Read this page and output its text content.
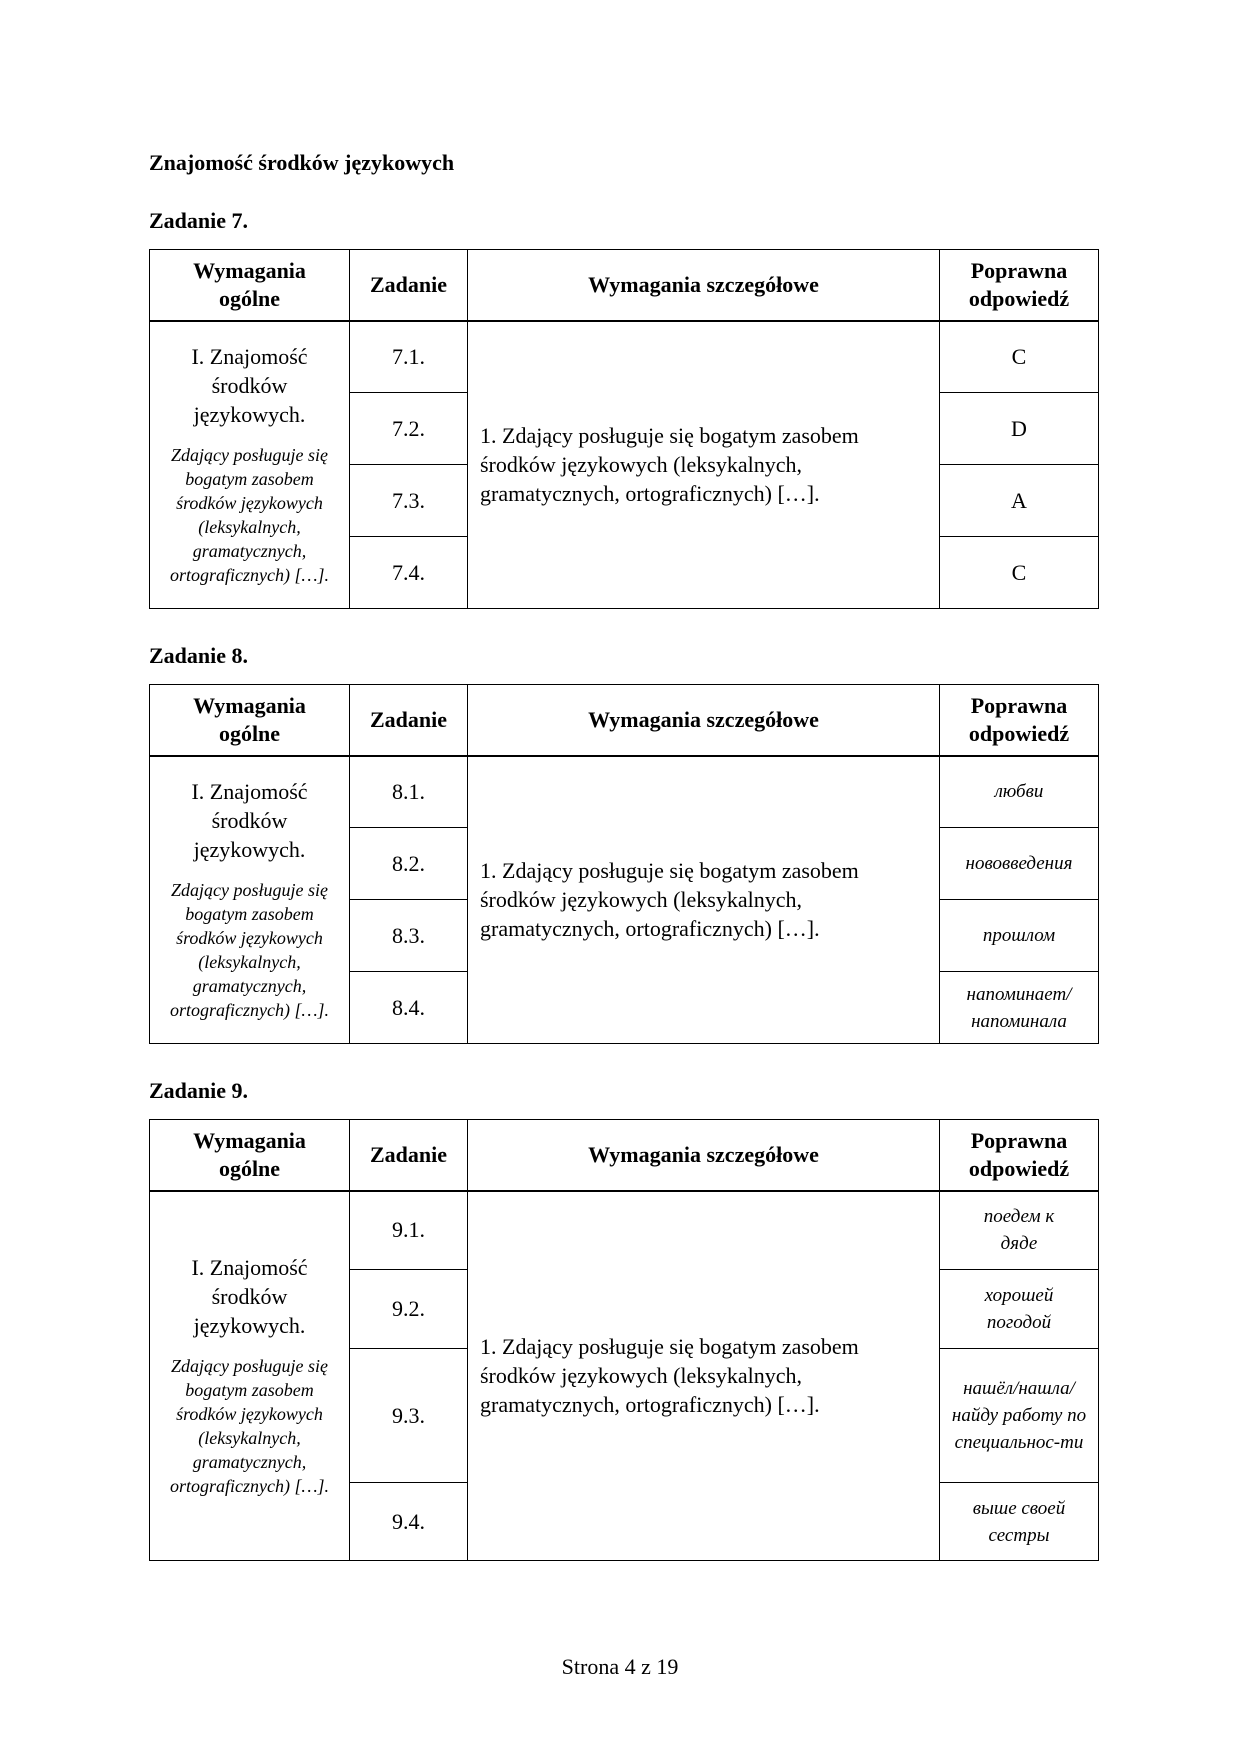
Znajomość środków językowych
Zadanie 7.
Wymagania ogólne	Zadanie	Wymagania szczegółowe	Poprawna odpowiedź

I. Znajomość środków językowych.
Zdający posługuje się bogatym zasobem środków językowych (leksykalnych, gramatycznych, ortograficznych) […].	7.1.	1. Zdający posługuje się bogatym zasobem środków językowych (leksykalnych, gramatycznych, ortograficznych) […].	C
	7.2.		D
	7.3.		A
	7.4.		C
Zadanie 8.
Wymagania ogólne	Zadanie	Wymagania szczegółowe	Poprawna odpowiedź

I. Znajomość środków językowych.
Zdający posługuje się bogatym zasobem środków językowych (leksykalnych, gramatycznych, ortograficznych) […].	8.1.	1. Zdający posługuje się bogatym zasobem środków językowych (leksykalnych, gramatycznych, ortograficznych) […].	любви
	8.2.		нововведения
	8.3.		прошлом
	8.4.		напоминает/ напоминала
Zadanie 9.
Wymagania ogólne	Zadanie	Wymagania szczegółowe	Poprawna odpowiedź

I. Znajomość środków językowych.
Zdający posługuje się bogatym zasobem środków językowych (leksykalnych, gramatycznych, ortograficznych) […].	9.1.	1. Zdający posługuje się bogatym zasobem środków językowych (leksykalnych, gramatycznych, ortograficznych) […].	поедем к дяде
	9.2.		хорошей погодой
	9.3.		нашёл/нашла/ найду работу по специальнос-ти
	9.4.		выше своей сестры
Strona 4 z 19
